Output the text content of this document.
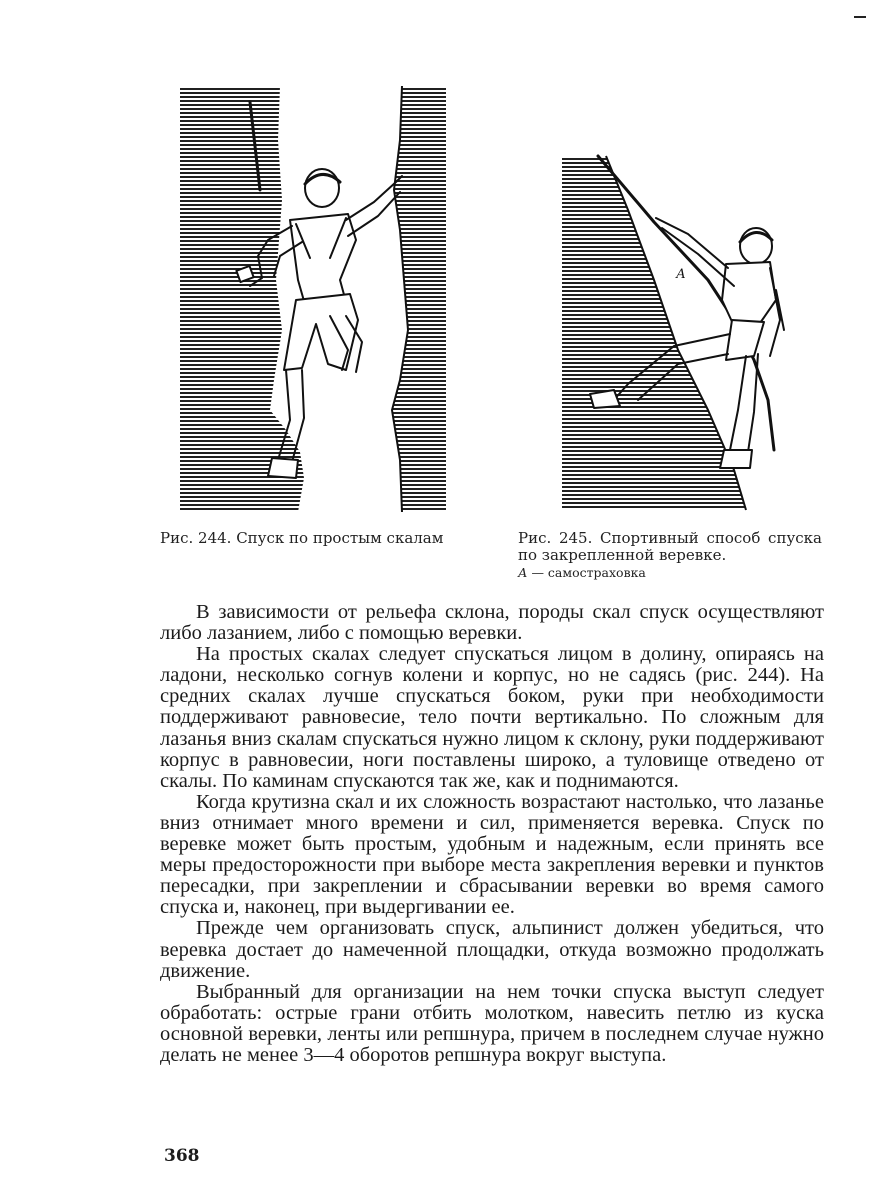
А
Рис. 244. Спуск по простым скалам	Рис. 245. Спортивный способ спуска по закрепленной веревке.
А — самостраховка

В зависимости от рельефа склона, породы скал спуск осуществляют либо лазанием, либо с помощью веревки.

На простых скалах следует спускаться лицом в долину, опираясь на ладони, несколько согнув колени и корпус, но не садясь (рис. 244). На средних скалах лучше спускаться боком, руки при необходимости поддерживают равновесие, тело почти вертикально. По сложным для лазанья вниз скалам спускаться нужно лицом к склону, руки поддерживают корпус в равновесии, ноги поставлены широко, а туловище отведено от скалы. По каминам спускаются так же, как и поднимаются.

Когда крутизна скал и их сложность возрастают настолько, что лазанье вниз отнимает много времени и сил, применяется веревка. Спуск по веревке может быть простым, удобным и надежным, если принять все меры предосторожности при выборе места закрепления веревки и пунктов пересадки, при закреплении и сбрасывании веревки во время самого спуска и, наконец, при выдергивании ее.

Прежде чем организовать спуск, альпинист должен убедиться, что веревка достает до намеченной площадки, откуда возможно продолжать движение.

Выбранный для организации на нем точки спуска выступ следует обработать: острые грани отбить молотком, навесить петлю из куска основной веревки, ленты или репшнура, причем в последнем случае нужно делать не менее 3—4 оборотов репшнура вокруг выступа.

368
